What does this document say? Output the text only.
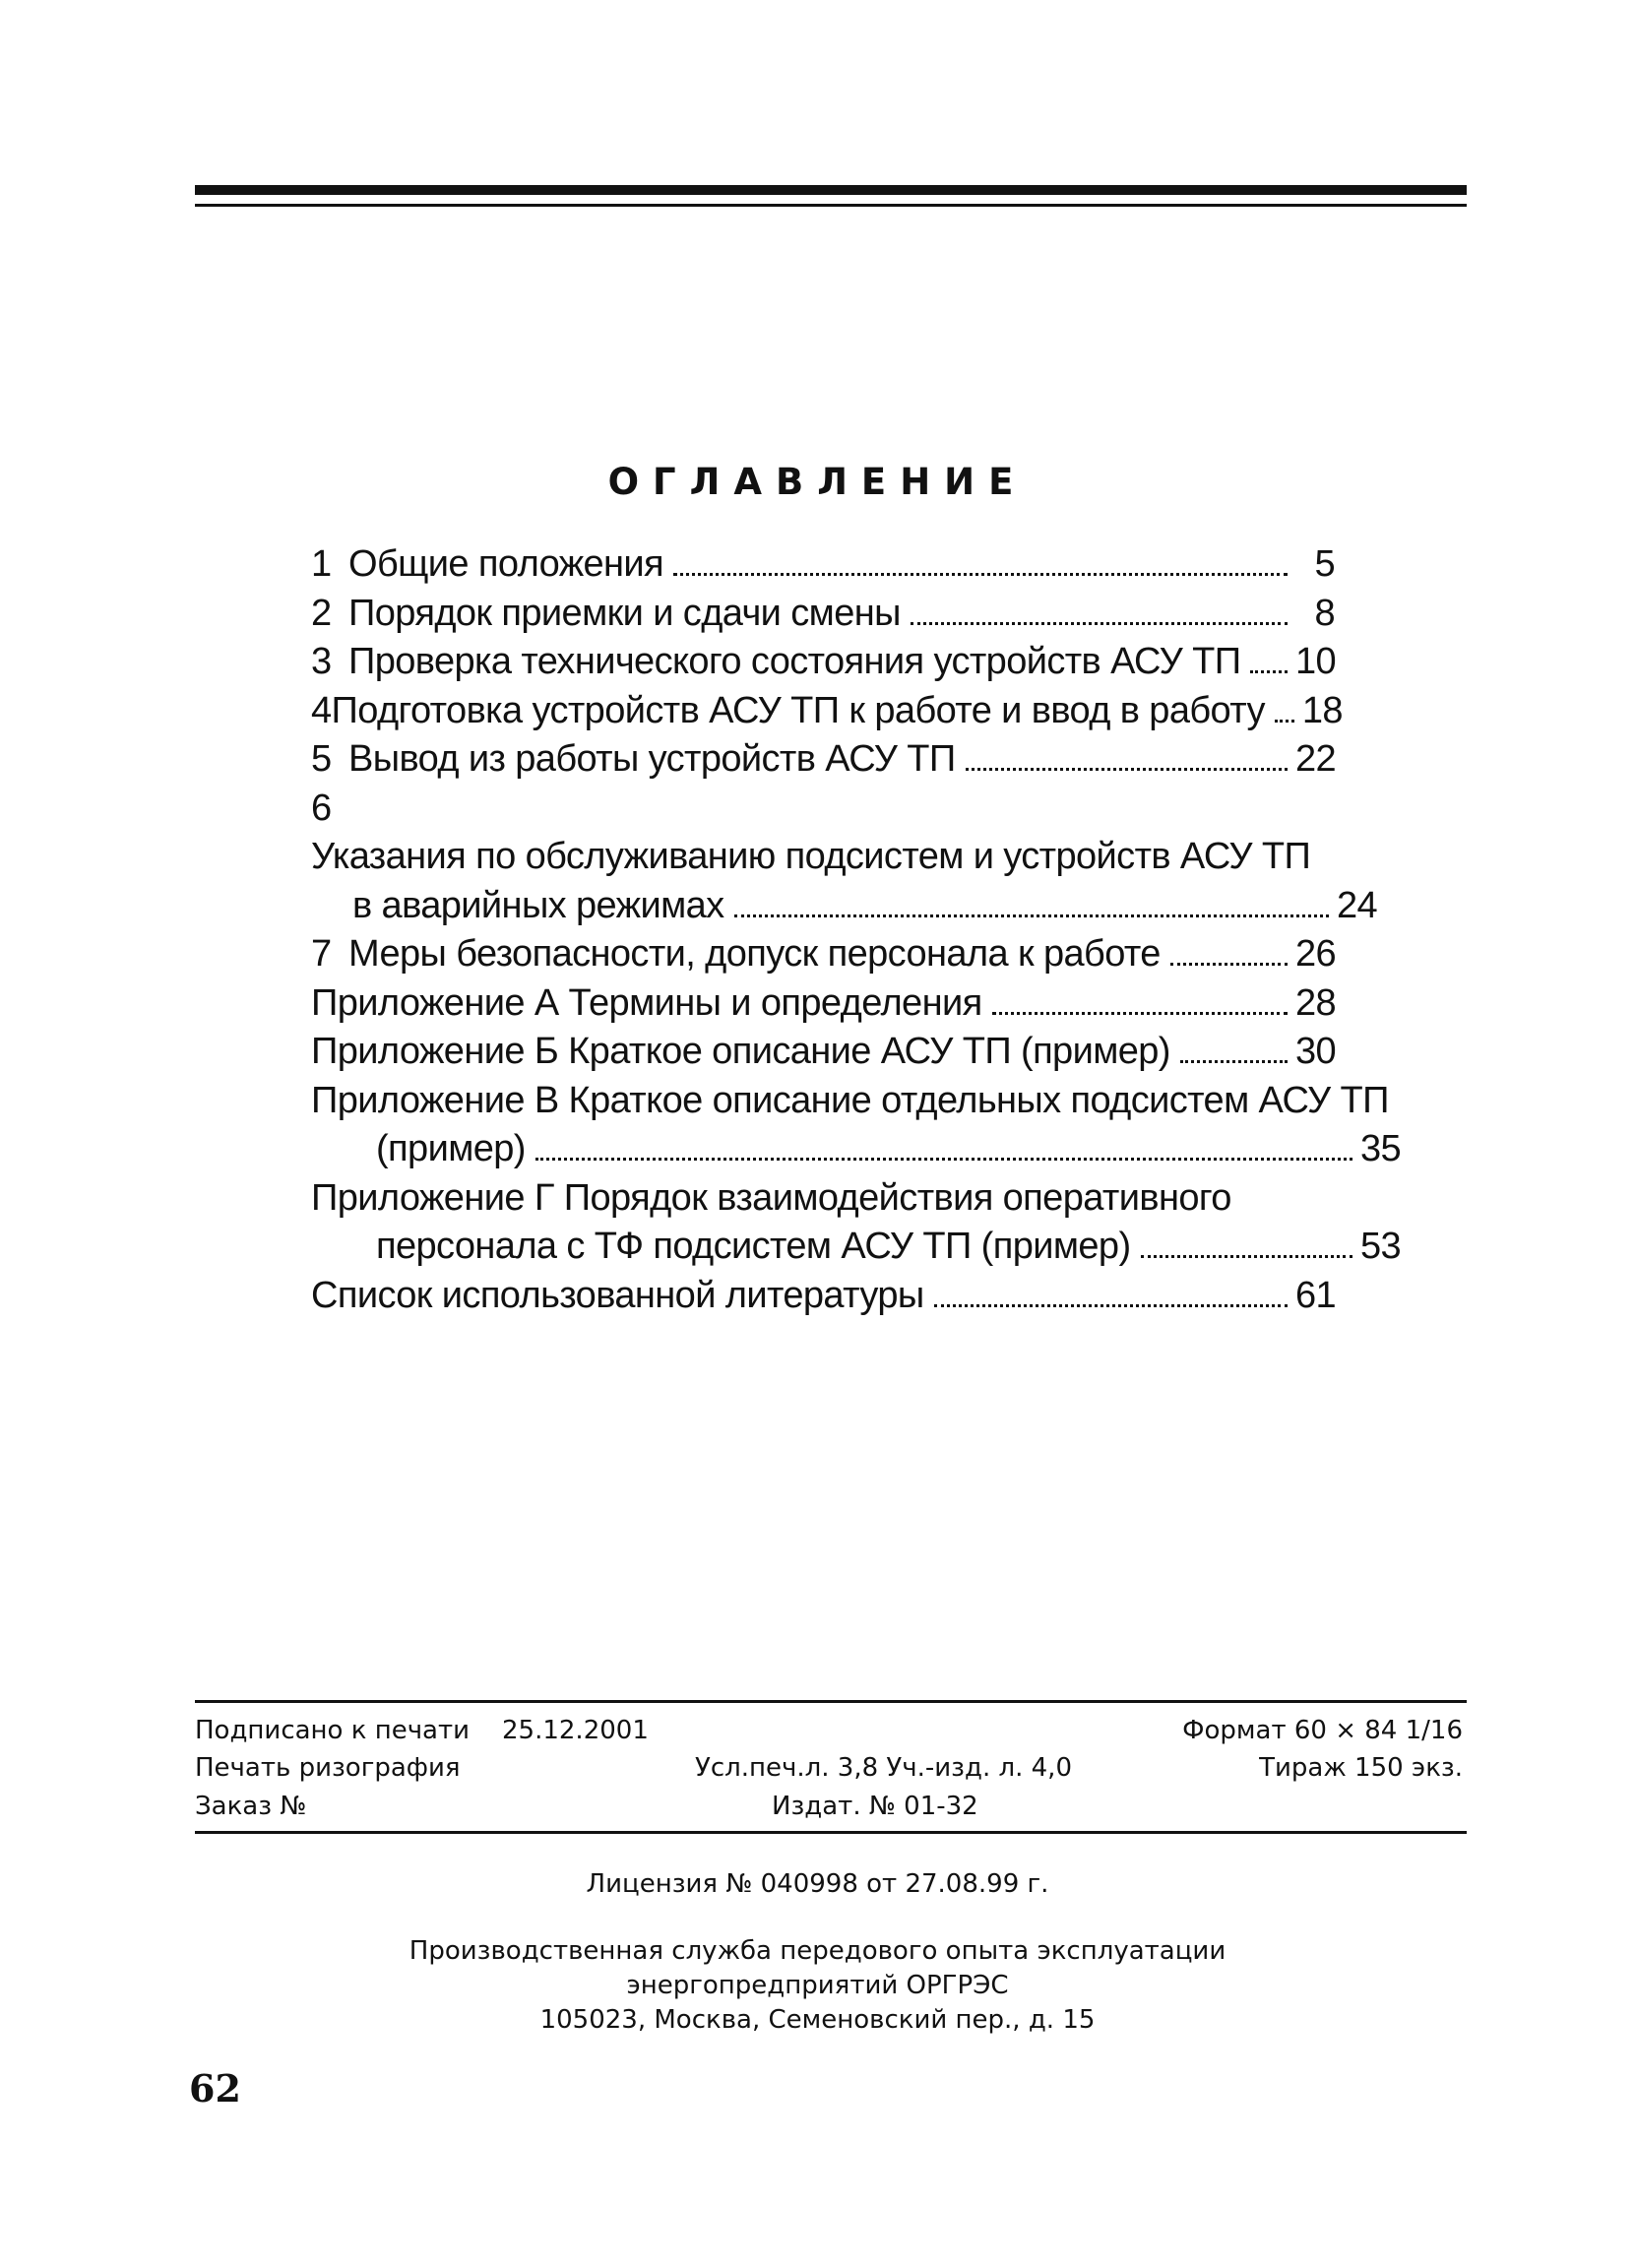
ОГЛАВЛЕНИЕ
1 Общие положения	5
2 Порядок приемки и сдачи смены	8
3 Проверка технического состояния устройств АСУ ТП 10
4 Подготовка устройств АСУ ТП к работе и ввод в работу 18
5 Вывод из работы устройств АСУ ТП	22
6Указания по обслуживанию подсистем и устройств АСУ ТП
в аварийных режимах	24
7 Меры безопасности, допуск персонала к работе	26
Приложение А Термины и определения	28
Приложение Б Краткое описание АСУ ТП (пример)	30
Приложение В Краткое описание отдельных подсистем АСУ ТП
(пример)	35
Приложение Г Порядок взаимодействия оперативного
персонала с ТФ подсистем АСУ ТП (пример)	53
Список использованной литературы	61
Подписано к печати 25.12.2001	Формат 60 × 84 1/16
Печать ризография	Усл.печ.л. 3,8 Уч.-изд. л. 4,0	Тираж 150 экз.
Заказ №	Издат. № 01-32
Лицензия № 040998 от 27.08.99 г.
Производственная служба передового опыта эксплуатации
энергопредприятий ОРГРЭС
105023, Москва, Семеновский пер., д. 15
62
